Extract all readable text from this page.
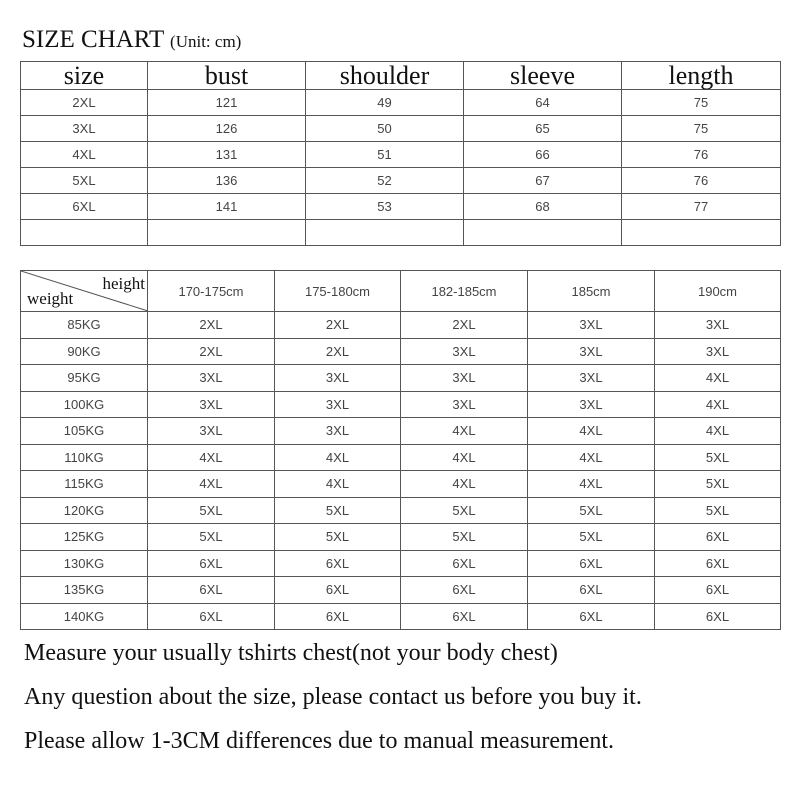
SIZE CHART (Unit: cm)
size	bust	shoulder	sleeve	length
2XL	121	49	64	75
3XL	126	50	65	75
4XL	131	51	66	76
5XL	136	52	67	76
6XL	141	53	68	77

height
weight	170-175cm	175-180cm	182-185cm	185cm	190cm
85KG	2XL	2XL	2XL	3XL	3XL
90KG	2XL	2XL	3XL	3XL	3XL
95KG	3XL	3XL	3XL	3XL	4XL
100KG	3XL	3XL	3XL	3XL	4XL
105KG	3XL	3XL	4XL	4XL	4XL
110KG	4XL	4XL	4XL	4XL	5XL
115KG	4XL	4XL	4XL	4XL	5XL
120KG	5XL	5XL	5XL	5XL	5XL
125KG	5XL	5XL	5XL	5XL	6XL
130KG	6XL	6XL	6XL	6XL	6XL
135KG	6XL	6XL	6XL	6XL	6XL
140KG	6XL	6XL	6XL	6XL	6XL
Measure your usually tshirts chest(not your body chest)
Any question about the size, please contact us before you buy it.
Please allow 1-3CM differences due to manual measurement.
